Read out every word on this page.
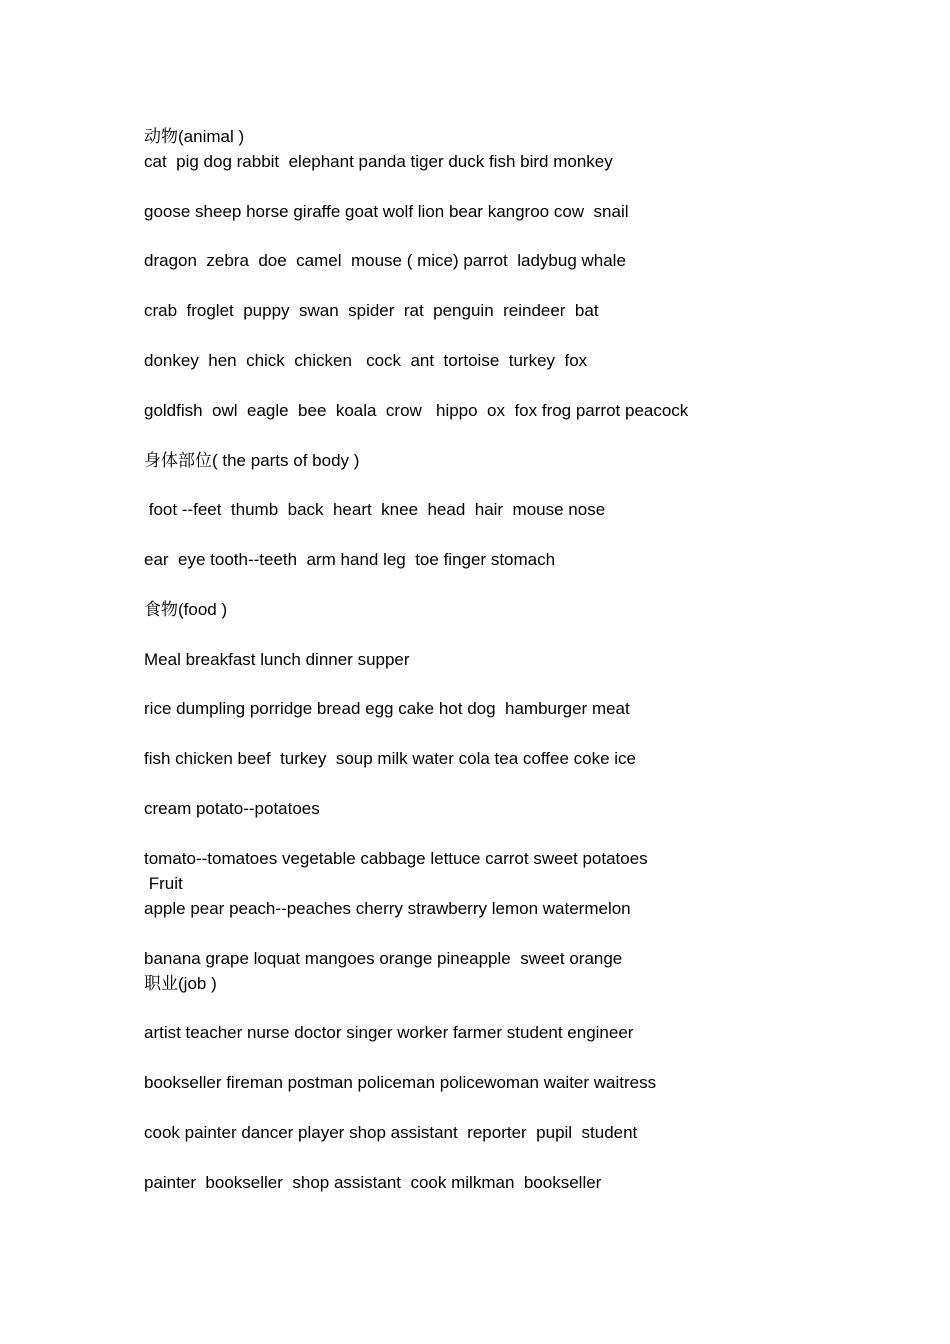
动物(animal )
cat  pig dog rabbit  elephant panda tiger duck fish bird monkey
goose sheep horse giraffe goat wolf lion bear kangroo cow  snail
dragon  zebra  doe  camel  mouse ( mice) parrot  ladybug whale
crab  froglet  puppy  swan  spider  rat  penguin  reindeer  bat
donkey  hen  chick  chicken   cock  ant  tortoise  turkey  fox
goldfish  owl  eagle  bee  koala  crow   hippo  ox  fox frog parrot peacock
身体部位( the parts of body )
foot --feet  thumb  back  heart  knee  head  hair  mouse nose
ear  eye tooth--teeth  arm hand leg  toe finger stomach
食物(food )
Meal breakfast lunch dinner supper
rice dumpling porridge bread egg cake hot dog  hamburger meat
fish chicken beef  turkey  soup milk water cola tea coffee coke ice
cream potato--potatoes
tomato--tomatoes vegetable cabbage lettuce carrot sweet potatoes
Fruit
apple pear peach--peaches cherry strawberry lemon watermelon
banana grape loquat mangoes orange pineapple  sweet orange
职业(job )
artist teacher nurse doctor singer worker farmer student engineer
bookseller fireman postman policeman policewoman waiter waitress
cook painter dancer player shop assistant  reporter  pupil  student
painter  bookseller  shop assistant  cook milkman  bookseller
